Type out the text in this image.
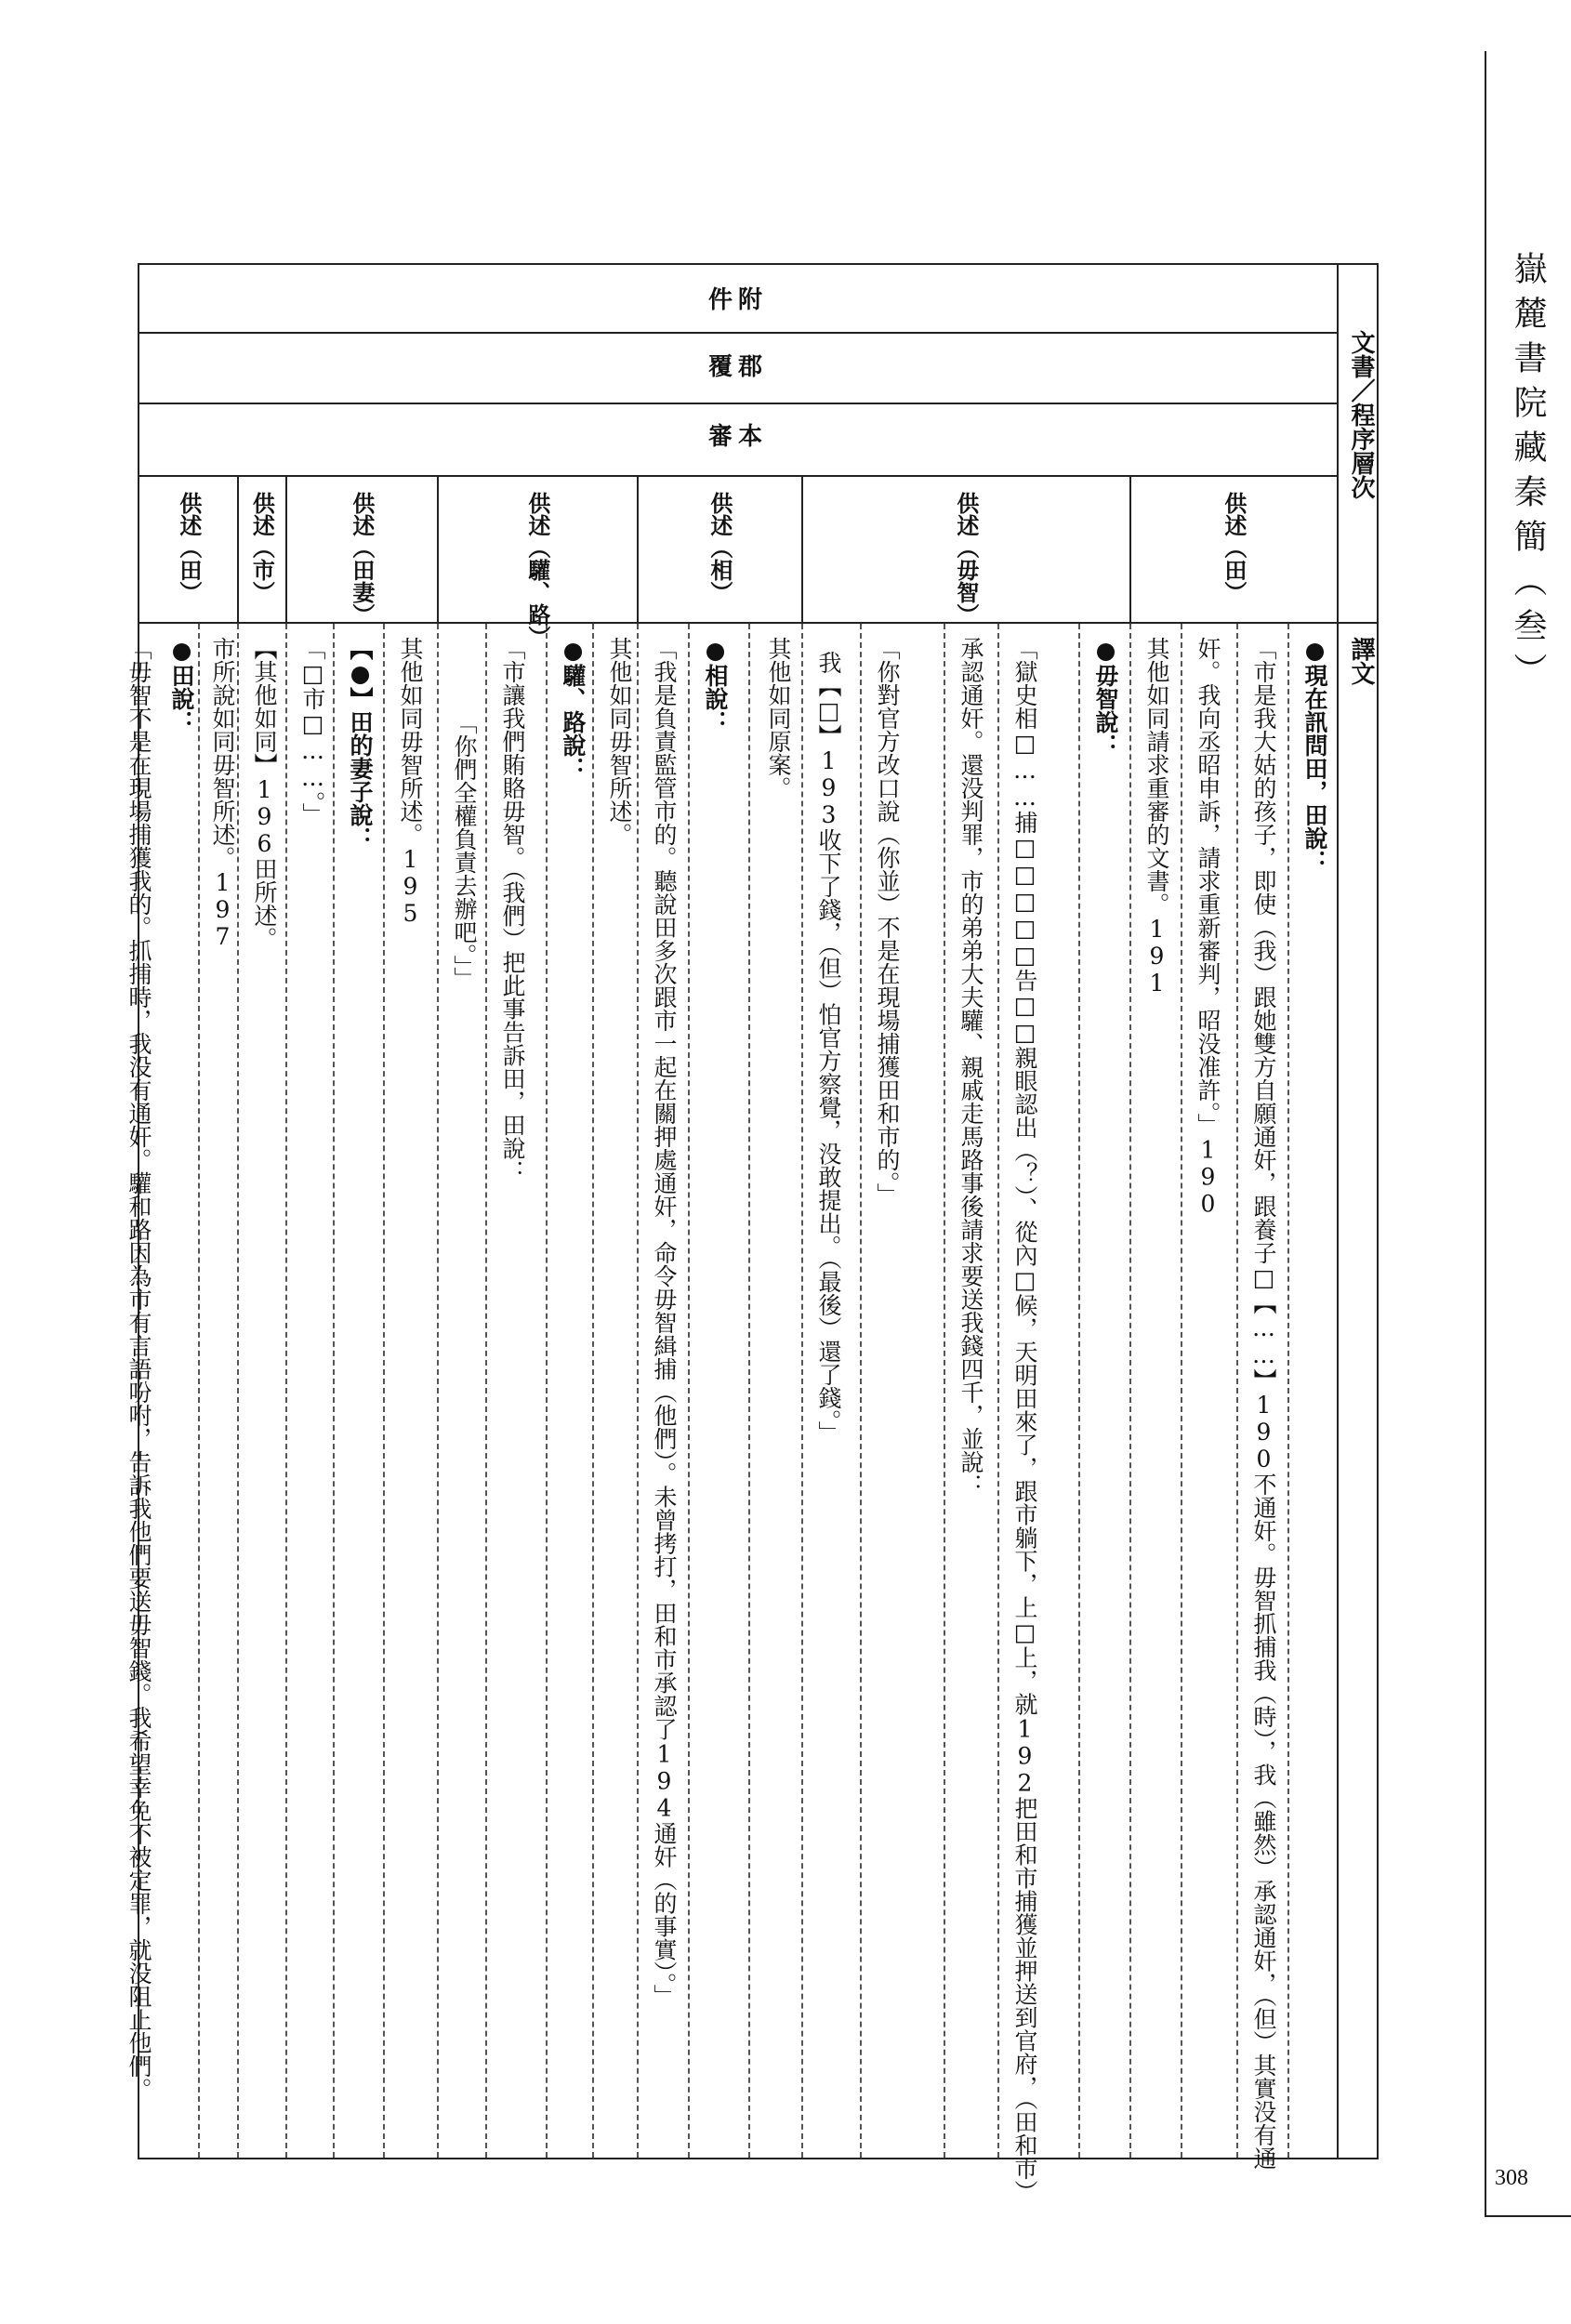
嶽麓書院藏秦簡（叁）
308
文書／程序層次
譯文
件附
覆郡
審本
供述（田）
供述（毋智）
供述（相）
供述（驩、路）
供述（田妻）
供述（市）
供述（田）
●現在訊問田，田說：
「市是我大姑的孩子，即使（我）跟她雙方自願通奸，跟養子□【……】190不通奸。毋智抓捕我（時），我（雖然）承認通奸，（但）其實没有通
奸。我向丞昭申訴，請求重新審判，昭没准許。」190
其他如同請求重審的文書。191
●毋智說：
「獄史相□……捕□□□□□告□□親眼認出（？）、從內□候，天明田來了，跟市躺下，上□上，就192把田和市捕獲並押送到官府，（田和市）
承認通奸。還没判罪，市的弟弟大夫驩、親戚走馬路事後請求要送我錢四千，並說：
「你對官方改口說（你並）不是在現場捕獲田和市的。」
我【□】193收下了錢，（但）怕官方察覺，没敢提出。（最後）還了錢。」
其他如同原案。
●相說：
「我是負責監管市的。聽說田多次跟市一起在關押處通奸，命令毋智緝捕（他們）。未曾拷打，田和市承認了194通奸（的事實）。」
其他如同毋智所述。
●驩、路說：
「市讓我們賄賂毋智。（我們）把此事告訴田，田說：
「你們全權負責去辦吧。」」
其他如同毋智所述。195
【●】田的妻子說：
「□市□……。」
【其他如同】196田所述。
市所說如同毋智所述。197
●田說：
「毋智不是在現場捕獲我的。抓捕時，我没有通奸。驩和路因為市有言語吩咐，告訴我他們要送毋智錢。我希望幸免不被定罪，就没阻止他們。
